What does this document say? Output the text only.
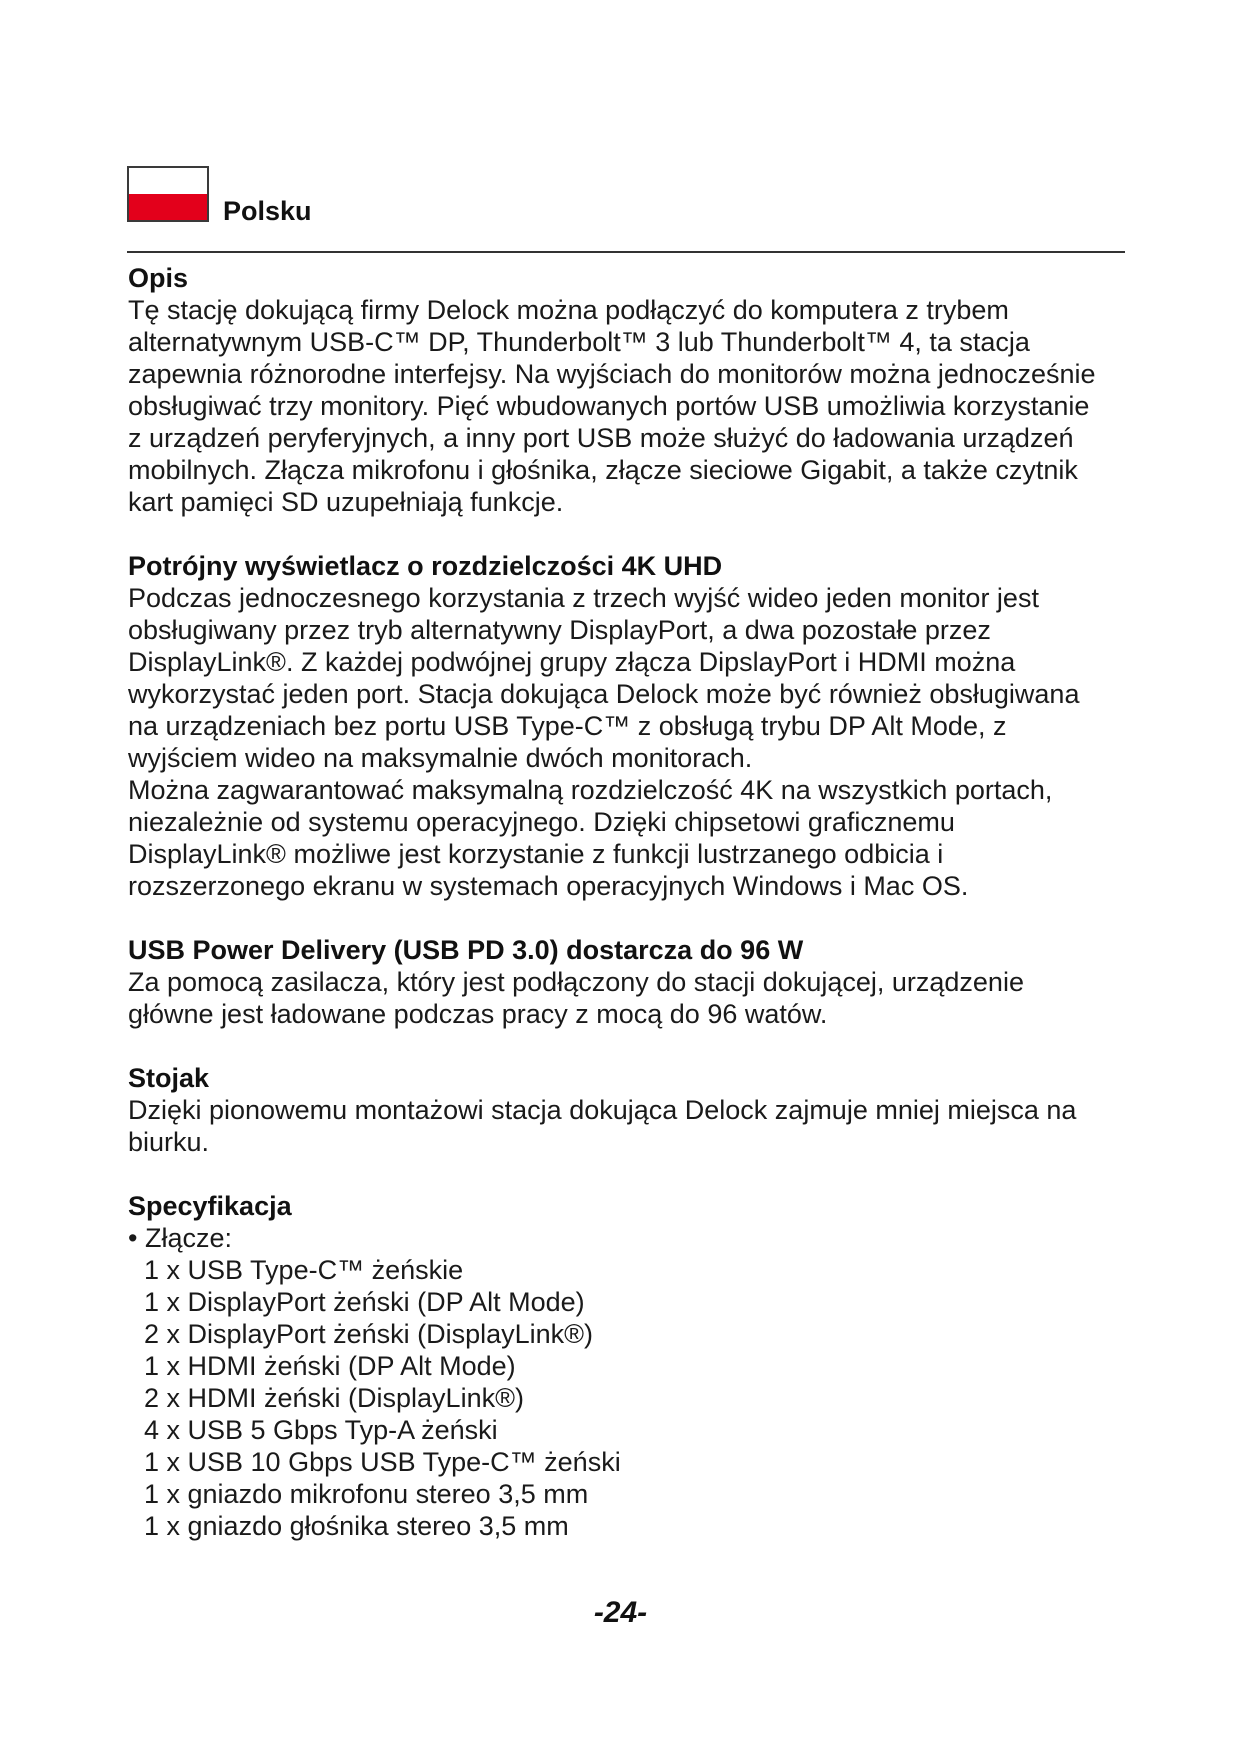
Polsku
Opis

Tę stację dokującą firmy Delock można podłączyć do komputera z trybem

alternatywnym USB-C™ DP, Thunderbolt™ 3 lub Thunderbolt™ 4, ta stacja

zapewnia różnorodne interfejsy. Na wyjściach do monitorów można jednocześnie

obsługiwać trzy monitory. Pięć wbudowanych portów USB umożliwia korzystanie

z urządzeń peryferyjnych, a inny port USB może służyć do ładowania urządzeń

mobilnych. Złącza mikrofonu i głośnika, złącze sieciowe Gigabit, a także czytnik

kart pamięci SD uzupełniają funkcje.

Potrójny wyświetlacz o rozdzielczości 4K UHD

Podczas jednoczesnego korzystania z trzech wyjść wideo jeden monitor jest

obsługiwany przez tryb alternatywny DisplayPort, a dwa pozostałe przez

DisplayLink®. Z każdej podwójnej grupy złącza DipslayPort i HDMI można

wykorzystać jeden port. Stacja dokująca Delock może być również obsługiwana

na urządzeniach bez portu USB Type-C™ z obsługą trybu DP Alt Mode, z

wyjściem wideo na maksymalnie dwóch monitorach.

Można zagwarantować maksymalną rozdzielczość 4K na wszystkich portach,

niezależnie od systemu operacyjnego. Dzięki chipsetowi graficznemu

DisplayLink® możliwe jest korzystanie z funkcji lustrzanego odbicia i

rozszerzonego ekranu w systemach operacyjnych Windows i Mac OS.

USB Power Delivery (USB PD 3.0) dostarcza do 96 W

Za pomocą zasilacza, który jest podłączony do stacji dokującej, urządzenie

główne jest ładowane podczas pracy z mocą do 96 watów.

Stojak

Dzięki pionowemu montażowi stacja dokująca Delock zajmuje mniej miejsca na

biurku.

Specyfikacja
• Złącze:
1 x USB Type-C™ żeńskie
1 x DisplayPort żeński (DP Alt Mode)
2 x DisplayPort żeński (DisplayLink®)
1 x HDMI żeński (DP Alt Mode)
2 x HDMI żeński (DisplayLink®)
4 x USB 5 Gbps Typ-A żeński
1 x USB 10 Gbps USB Type-C™ żeński
1 x gniazdo mikrofonu stereo 3,5 mm
1 x gniazdo głośnika stereo 3,5 mm
-24-
